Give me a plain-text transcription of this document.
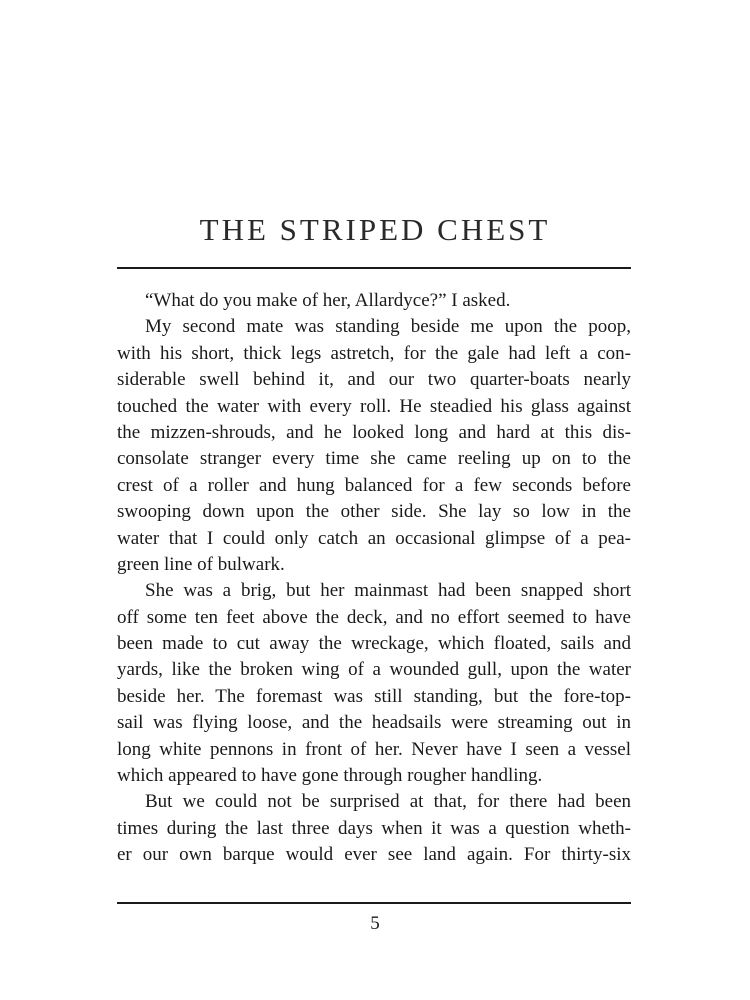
THE STRIPED CHEST
“What do you make of her, Allardyce?” I asked.
My second mate was standing beside me upon the poop,
with his short, thick legs astretch, for the gale had left a con-
siderable swell behind it, and our two quarter-boats nearly
touched the water with every roll. He steadied his glass against
the mizzen-shrouds, and he looked long and hard at this dis-
consolate stranger every time she came reeling up on to the
crest of a roller and hung balanced for a few seconds before
swooping down upon the other side. She lay so low in the
water that I could only catch an occasional glimpse of a pea-
green line of bulwark.
She was a brig, but her mainmast had been snapped short
off some ten feet above the deck, and no effort seemed to have
been made to cut away the wreckage, which floated, sails and
yards, like the broken wing of a wounded gull, upon the water
beside her. The foremast was still standing, but the fore-top-
sail was flying loose, and the headsails were streaming out in
long white pennons in front of her. Never have I seen a vessel
which appeared to have gone through rougher handling.
But we could not be surprised at that, for there had been
times during the last three days when it was a question wheth-
er our own barque would ever see land again. For thirty-six
5
